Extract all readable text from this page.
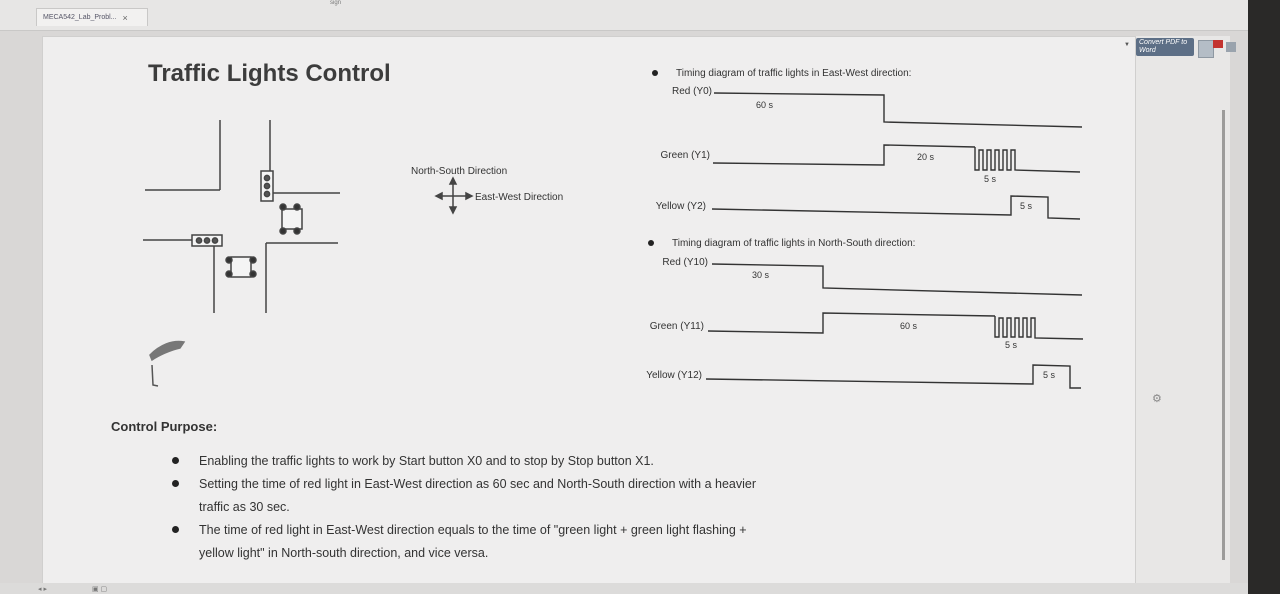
MECA542_Lab_Probl... ×
sign
◂ ▸	▣ ▢
▼	Convert PDF to Word
⚙
Traffic Lights Control
North-South Direction
East-West Direction
Timing diagram of traffic lights in East-West direction:
Red (Y0)
60 s
Green (Y1)	20 s
5 s
Yellow (Y2)	5 s
Timing diagram of traffic lights in North-South direction:
Red (Y10)
30 s
Green (Y11)	60 s
5 s
Yellow (Y12)	5 s
Control Purpose:
Enabling the traffic lights to work by Start button X0 and to stop by Stop button X1.
Setting the time of red light in East-West direction as 60 sec and North-South direction with a heavier traffic as 30 sec.
The time of red light in East-West direction equals to the time of "green light + green light flashing + yellow light" in North-south direction, and vice versa.
